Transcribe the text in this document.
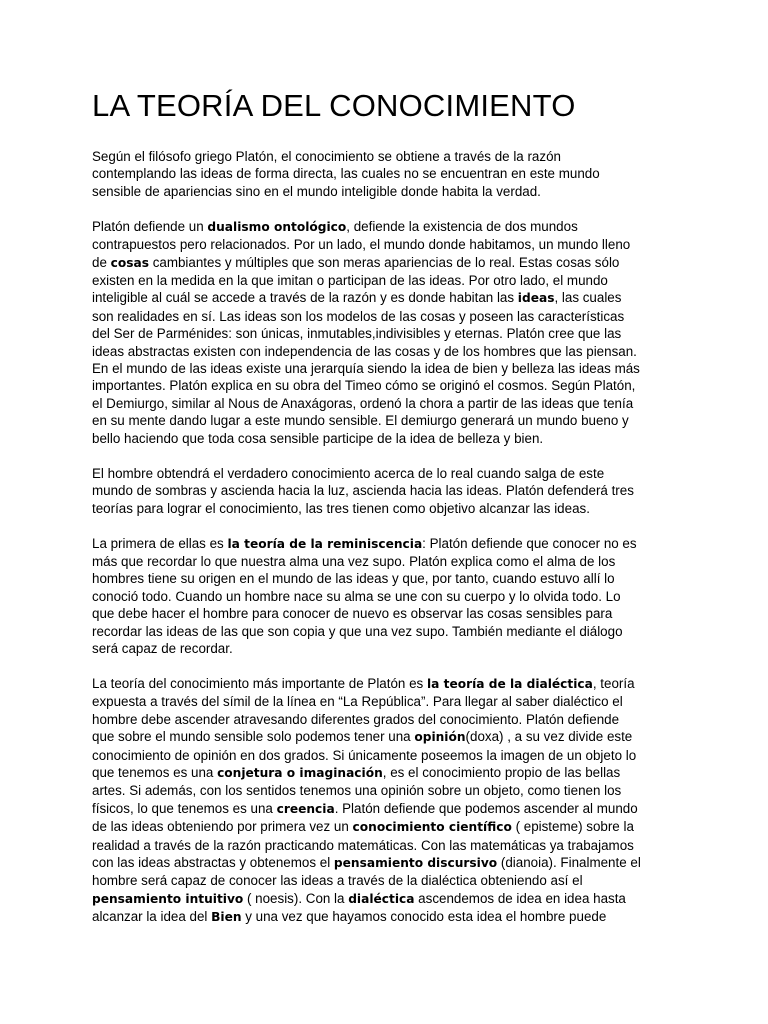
LA TEORÍA DEL CONOCIMIENTO

Según el filósofo griego Platón, el conocimiento se obtiene a través de la razón
contemplando las ideas de forma directa, las cuales no se encuentran en este mundo
sensible de apariencias sino en el mundo inteligible donde habita la verdad.

Platón defiende un dualismo ontológico, defiende la existencia de dos mundos
contrapuestos pero relacionados. Por un lado, el mundo donde habitamos, un mundo lleno
de cosas cambiantes y múltiples que son meras apariencias de lo real. Estas cosas sólo
existen en la medida en la que imitan o participan de las ideas. Por otro lado, el mundo
inteligible al cuál se accede a través de la razón y es donde habitan las ideas, las cuales
son realidades en sí. Las ideas son los modelos de las cosas y poseen las características
del Ser de Parménides: son únicas, inmutables,indivisibles y eternas. Platón cree que las
ideas abstractas existen con independencia de las cosas y de los hombres que las piensan.
En el mundo de las ideas existe una jerarquía siendo la idea de bien y belleza las ideas más
importantes. Platón explica en su obra del Timeo cómo se originó el cosmos. Según Platón,
el Demiurgo, similar al Nous de Anaxágoras, ordenó la chora a partir de las ideas que tenía
en su mente dando lugar a este mundo sensible. El demiurgo generará un mundo bueno y
bello haciendo que toda cosa sensible participe de la idea de belleza y bien.

El hombre obtendrá el verdadero conocimiento acerca de lo real cuando salga de este
mundo de sombras y ascienda hacia la luz, ascienda hacia las ideas. Platón defenderá tres
teorías para lograr el conocimiento, las tres tienen como objetivo alcanzar las ideas.

La primera de ellas es la teoría de la reminiscencia: Platón defiende que conocer no es
más que recordar lo que nuestra alma una vez supo. Platón explica como el alma de los
hombres tiene su origen en el mundo de las ideas y que, por tanto, cuando estuvo allí lo
conoció todo. Cuando un hombre nace su alma se une con su cuerpo y lo olvida todo. Lo
que debe hacer el hombre para conocer de nuevo es observar las cosas sensibles para
recordar las ideas de las que son copia y que una vez supo. También mediante el diálogo
será capaz de recordar.

La teoría del conocimiento más importante de Platón es la teoría de la dialéctica, teoría
expuesta a través del símil de la línea en “La República”. Para llegar al saber dialéctico el
hombre debe ascender atravesando diferentes grados del conocimiento. Platón defiende
que sobre el mundo sensible solo podemos tener una opinión(doxa) , a su vez divide este
conocimiento de opinión en dos grados. Si únicamente poseemos la imagen de un objeto lo
que tenemos es una conjetura o imaginación, es el conocimiento propio de las bellas
artes. Si además, con los sentidos tenemos una opinión sobre un objeto, como tienen los
físicos, lo que tenemos es una creencia. Platón defiende que podemos ascender al mundo
de las ideas obteniendo por primera vez un conocimiento científico ( episteme) sobre la
realidad a través de la razón practicando matemáticas. Con las matemáticas ya trabajamos
con las ideas abstractas y obtenemos el pensamiento discursivo (dianoia). Finalmente el
hombre será capaz de conocer las ideas a través de la dialéctica obteniendo así el
pensamiento intuitivo ( noesis). Con la dialéctica ascendemos de idea en idea hasta
alcanzar la idea del Bien y una vez que hayamos conocido esta idea el hombre puede
